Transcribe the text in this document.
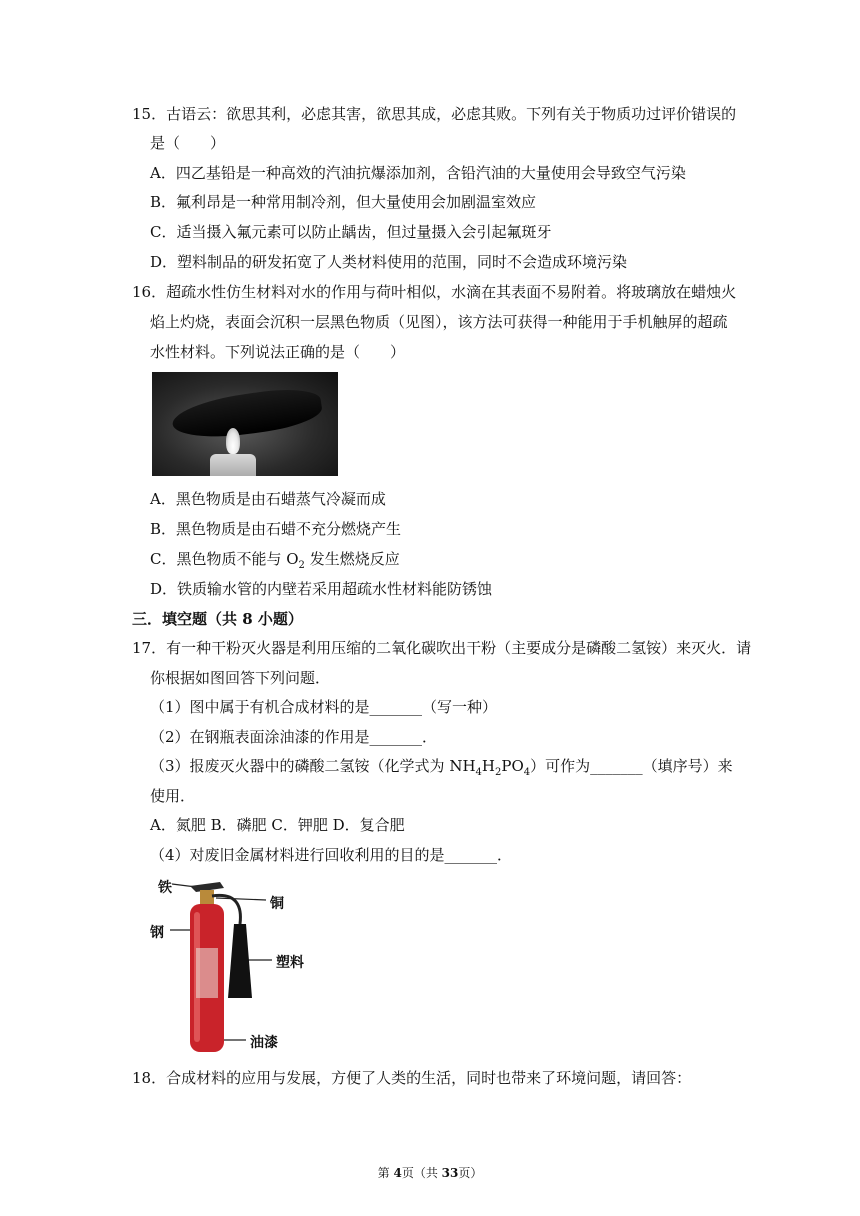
15．古语云：欲思其利，必虑其害，欲思其成，必虑其败。下列有关于物质功过评价错误的
是（　　）
A．四乙基铅是一种高效的汽油抗爆添加剂，含铅汽油的大量使用会导致空气污染
B．氟利昂是一种常用制冷剂，但大量使用会加剧温室效应
C．适当摄入氟元素可以防止龋齿，但过量摄入会引起氟斑牙
D．塑料制品的研发拓宽了人类材料使用的范围，同时不会造成环境污染
16．超疏水性仿生材料对水的作用与荷叶相似，水滴在其表面不易附着。将玻璃放在蜡烛火
焰上灼烧，表面会沉积一层黑色物质（见图），该方法可获得一种能用于手机触屏的超疏
水性材料。下列说法正确的是（　　）
A．黑色物质是由石蜡蒸气冷凝而成
B．黑色物质是由石蜡不充分燃烧产生
C．黑色物质不能与 $O_2$ 发生燃烧反应
D．铁质输水管的内壁若采用超疏水性材料能防锈蚀
三．填空题（共 8 小题）
17．有一种干粉灭火器是利用压缩的二氧化碳吹出干粉（主要成分是磷酸二氢铵）来灭火．请
你根据如图回答下列问题．
（1）图中属于有机合成材料的是_______（写一种）
（2）在钢瓶表面涂油漆的作用是_______．
（3）报废灭火器中的磷酸二氢铵（化学式为 $NH_4H_2PO_4$）可作为_______（填序号）来
使用．
A．氮肥 B．磷肥 C．钾肥 D．复合肥
（4）对废旧金属材料进行回收利用的目的是_______．
铁
铜
钢
塑料
油漆
18．合成材料的应用与发展，方便了人类的生活，同时也带来了环境问题，请回答：
第 4页（共 33页）
